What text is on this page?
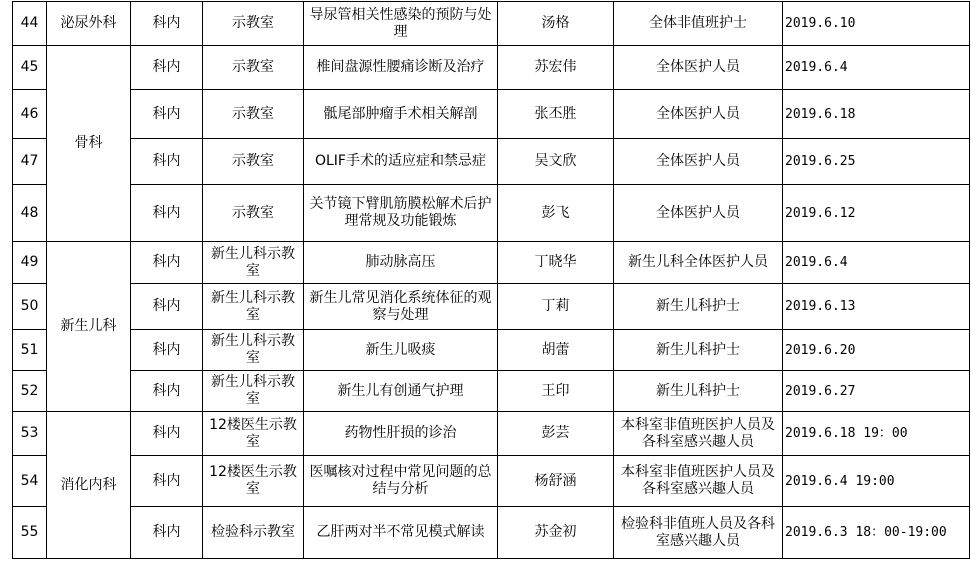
44	泌尿外科	科内	示教室	导尿管相关性感染的预防与处理	汤格	全体非值班护士	2019.6.10
45	骨科	科内	示教室	椎间盘源性腰痛诊断及治疗	苏宏伟	全体医护人员	2019.6.4
46		科内	示教室	骶尾部肿瘤手术相关解剖	张丕胜	全体医护人员	2019.6.18
47		科内	示教室	OLIF手术的适应症和禁忌症	吴文欣	全体医护人员	2019.6.25
48		科内	示教室	关节镜下臂肌筋膜松解术后护理常规及功能锻炼	彭飞	全体医护人员	2019.6.12
49	新生儿科	科内	新生儿科示教室	肺动脉高压	丁晓华	新生儿科全体医护人员	2019.6.4
50		科内	新生儿科示教室	新生儿常见消化系统体征的观察与处理	丁莉	新生儿科护士	2019.6.13
51		科内	新生儿科示教室	新生儿吸痰	胡蕾	新生儿科护士	2019.6.20
52		科内	新生儿科示教室	新生儿有创通气护理	王印	新生儿科护士	2019.6.27
53	消化内科	科内	12楼医生示教室	药物性肝损的诊治	彭芸	本科室非值班医护人员及各科室感兴趣人员	2019.6.18 19：00
54		科内	12楼医生示教室	医嘱核对过程中常见问题的总结与分析	杨舒涵	本科室非值班医护人员及各科室感兴趣人员	2019.6.4 19:00
55		科内	检验科示教室	乙肝两对半不常见模式解读	苏金初	检验科非值班人员及各科室感兴趣人员	2019.6.3 18：00-19:00
